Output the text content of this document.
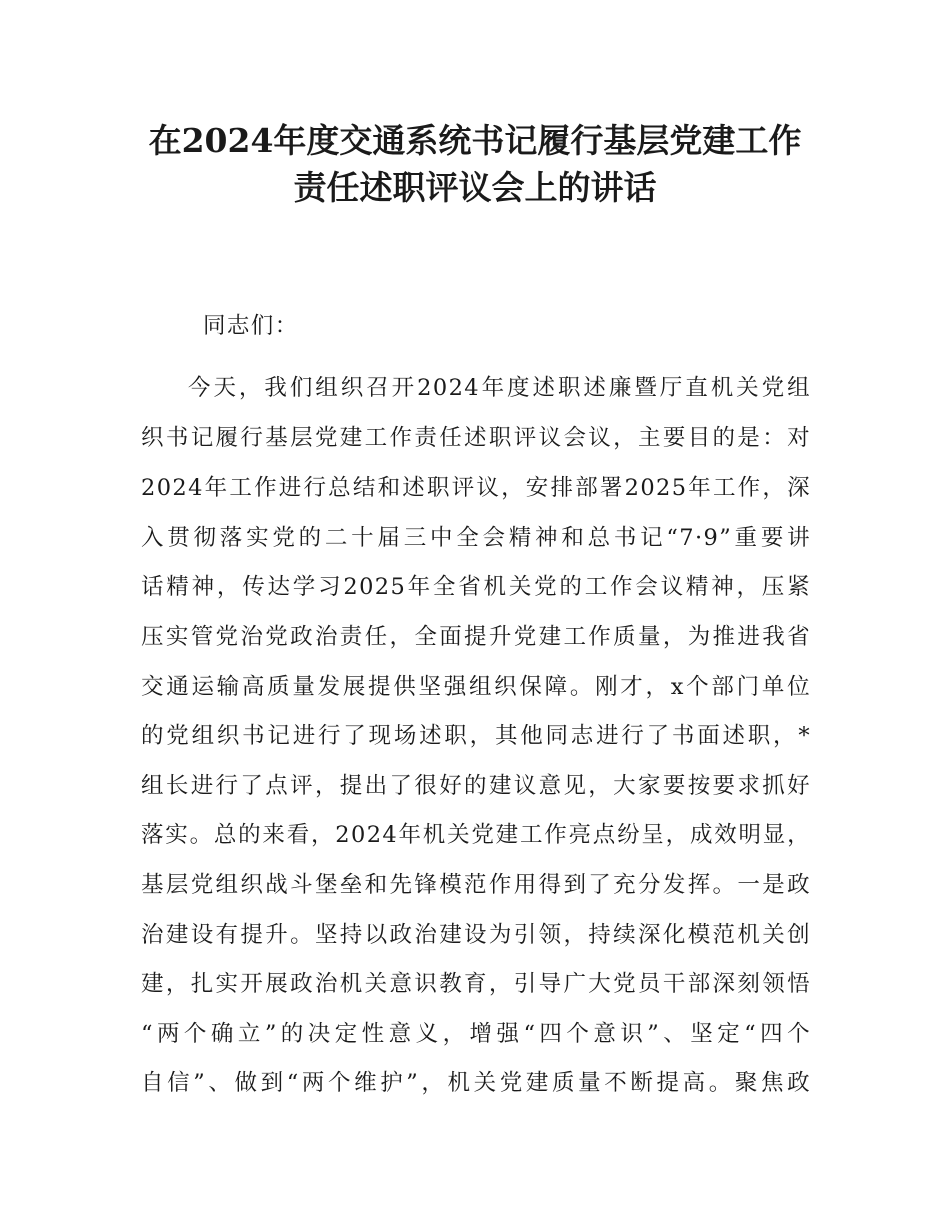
在2024年度交通系统书记履行基层党建工作
责任述职评议会上的讲话

同志们：

今天，我们组织召开2024年度述职述廉暨厅直机关党组

织书记履行基层党建工作责任述职评议会议，主要目的是：对

2024年工作进行总结和述职评议，安排部署2025年工作，深

入贯彻落实党的二十届三中全会精神和总书记“7·9”重要讲

话精神，传达学习2025年全省机关党的工作会议精神，压紧

压实管党治党政治责任，全面提升党建工作质量，为推进我省

交通运输高质量发展提供坚强组织保障。刚才，x个部门单位

的党组织书记进行了现场述职，其他同志进行了书面述职，*

组长进行了点评，提出了很好的建议意见，大家要按要求抓好

落实。总的来看，2024年机关党建工作亮点纷呈，成效明显，

基层党组织战斗堡垒和先锋模范作用得到了充分发挥。一是政

治建设有提升。坚持以政治建设为引领，持续深化模范机关创

建，扎实开展政治机关意识教育，引导广大党员干部深刻领悟

“两个确立”的决定性意义，增强“四个意识”、坚定“四个

自信”、做到“两个维护”，机关党建质量不断提高。聚焦政
